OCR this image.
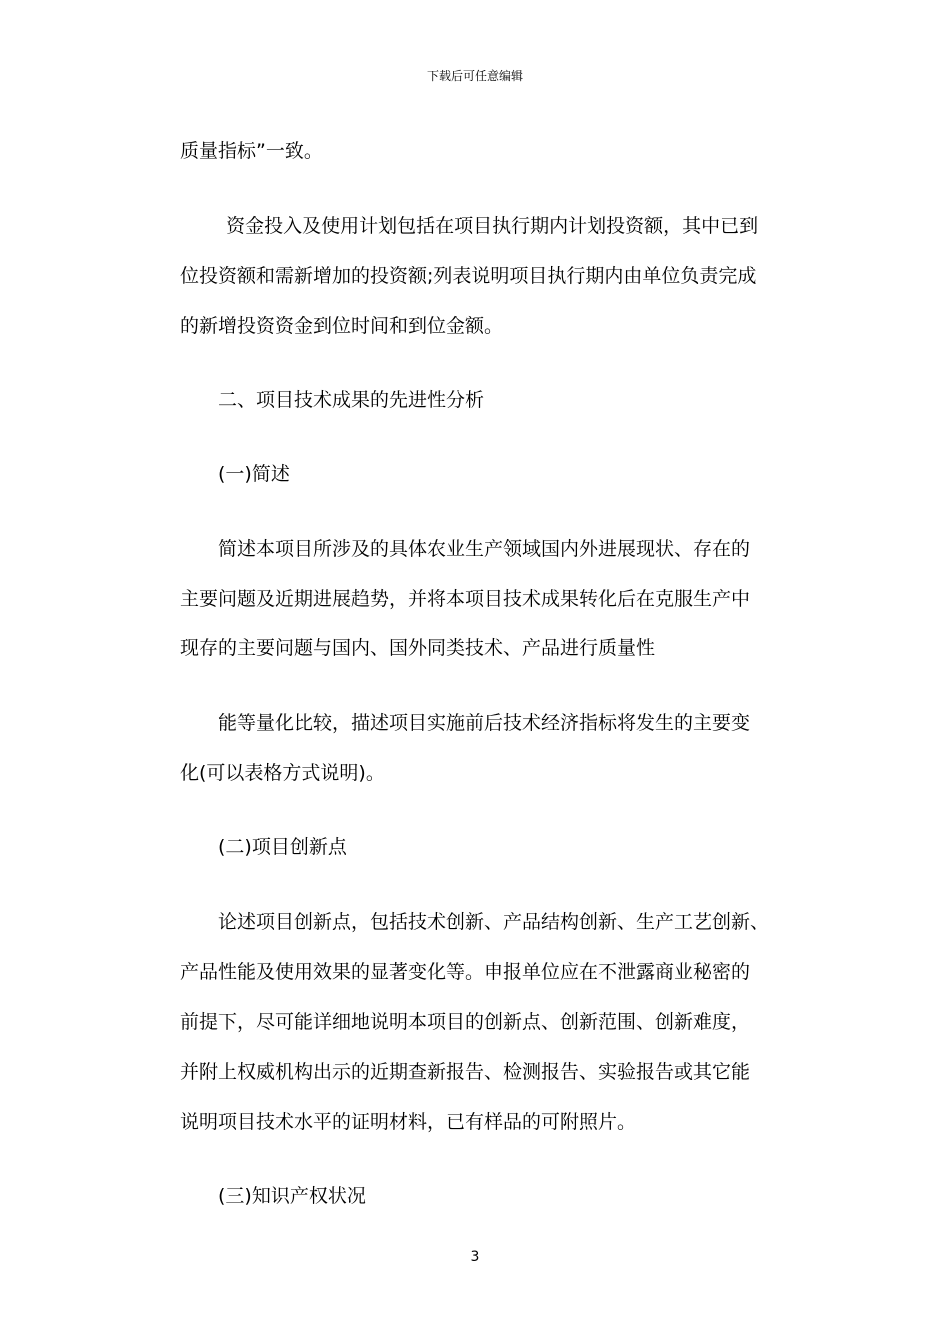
下载后可任意编辑
质量指标”一致。
资金投入及使用计划包括在项目执行期内计划投资额，其中已到
位投资额和需新增加的投资额;列表说明项目执行期内由单位负责完成
的新增投资资金到位时间和到位金额。
二、项目技术成果的先进性分析
(一)简述
简述本项目所涉及的具体农业生产领域国内外进展现状、存在的
主要问题及近期进展趋势，并将本项目技术成果转化后在克服生产中
现存的主要问题与国内、国外同类技术、产品进行质量性
能等量化比较，描述项目实施前后技术经济指标将发生的主要变
化(可以表格方式说明)。
(二)项目创新点
论述项目创新点，包括技术创新、产品结构创新、生产工艺创新、
产品性能及使用效果的显著变化等。申报单位应在不泄露商业秘密的
前提下，尽可能详细地说明本项目的创新点、创新范围、创新难度，
并附上权威机构出示的近期查新报告、检测报告、实验报告或其它能
说明项目技术水平的证明材料，已有样品的可附照片。
(三)知识产权状况
3
